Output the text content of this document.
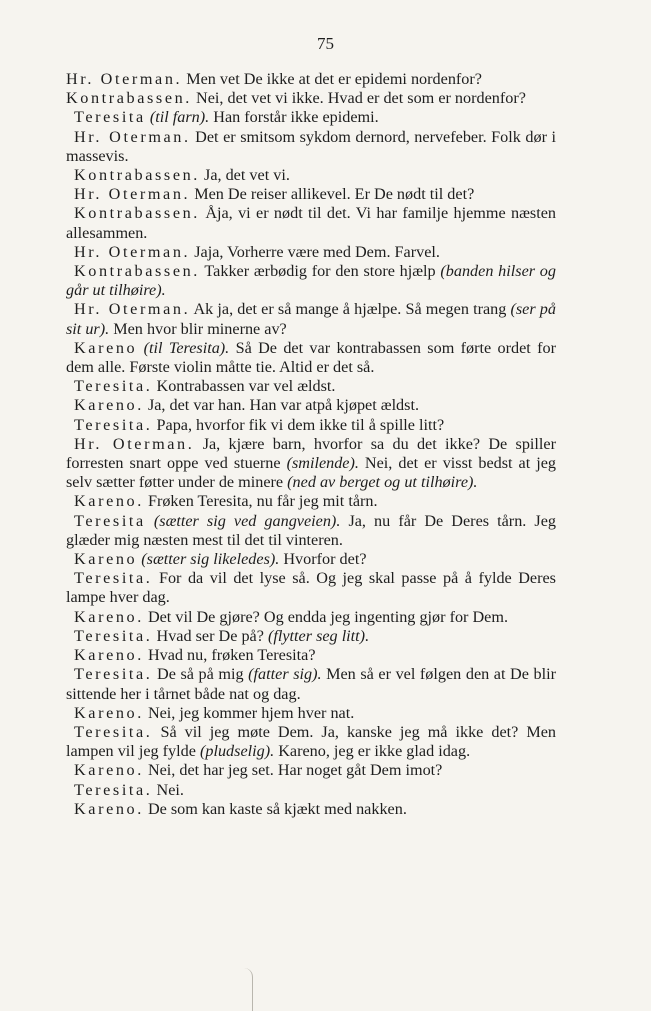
75

Hr. Oterman. Men vet De ikke at det er epidemi nordenfor?

Kontrabassen. Nei, det vet vi ikke. Hvad er det som er nordenfor?

Teresita (til farn). Han forstår ikke epidemi.

Hr. Oterman. Det er smitsom sykdom dernord, nervefeber. Folk dør i massevis.

Kontrabassen. Ja, det vet vi.

Hr. Oterman. Men De reiser allikevel. Er De nødt til det?

Kontrabassen. Åja, vi er nødt til det. Vi har familje hjemme næsten allesammen.

Hr. Oterman. Jaja, Vorherre være med Dem. Farvel.

Kontrabassen. Takker ærbødig for den store hjælp (banden hilser og går ut tilhøire).

Hr. Oterman. Ak ja, det er så mange å hjælpe. Så megen trang (ser på sit ur). Men hvor blir minerne av?

Kareno (til Teresita). Så De det var kontrabassen som førte ordet for dem alle. Første violin måtte tie. Altid er det så.

Teresita. Kontrabassen var vel ældst.

Kareno. Ja, det var han. Han var atpå kjøpet ældst.

Teresita. Papa, hvorfor fik vi dem ikke til å spille litt?

Hr. Oterman. Ja, kjære barn, hvorfor sa du det ikke? De spiller forresten snart oppe ved stuerne (smilende). Nei, det er visst bedst at jeg selv sætter føtter under de minere (ned av berget og ut tilhøire).

Kareno. Frøken Teresita, nu får jeg mit tårn.

Teresita (sætter sig ved gangveien). Ja, nu får De Deres tårn. Jeg glæder mig næsten mest til det til vinteren.

Kareno (sætter sig likeledes). Hvorfor det?

Teresita. For da vil det lyse så. Og jeg skal passe på å fylde Deres lampe hver dag.

Kareno. Det vil De gjøre? Og endda jeg ingenting gjør for Dem.

Teresita. Hvad ser De på? (flytter seg litt).

Kareno. Hvad nu, frøken Teresita?

Teresita. De så på mig (fatter sig). Men så er vel følgen den at De blir sittende her i tårnet både nat og dag.

Kareno. Nei, jeg kommer hjem hver nat.

Teresita. Så vil jeg møte Dem. Ja, kanske jeg må ikke det? Men lampen vil jeg fylde (pludselig). Kareno, jeg er ikke glad idag.

Kareno. Nei, det har jeg set. Har noget gåt Dem imot?

Teresita. Nei.

Kareno. De som kan kaste så kjækt med nakken.
